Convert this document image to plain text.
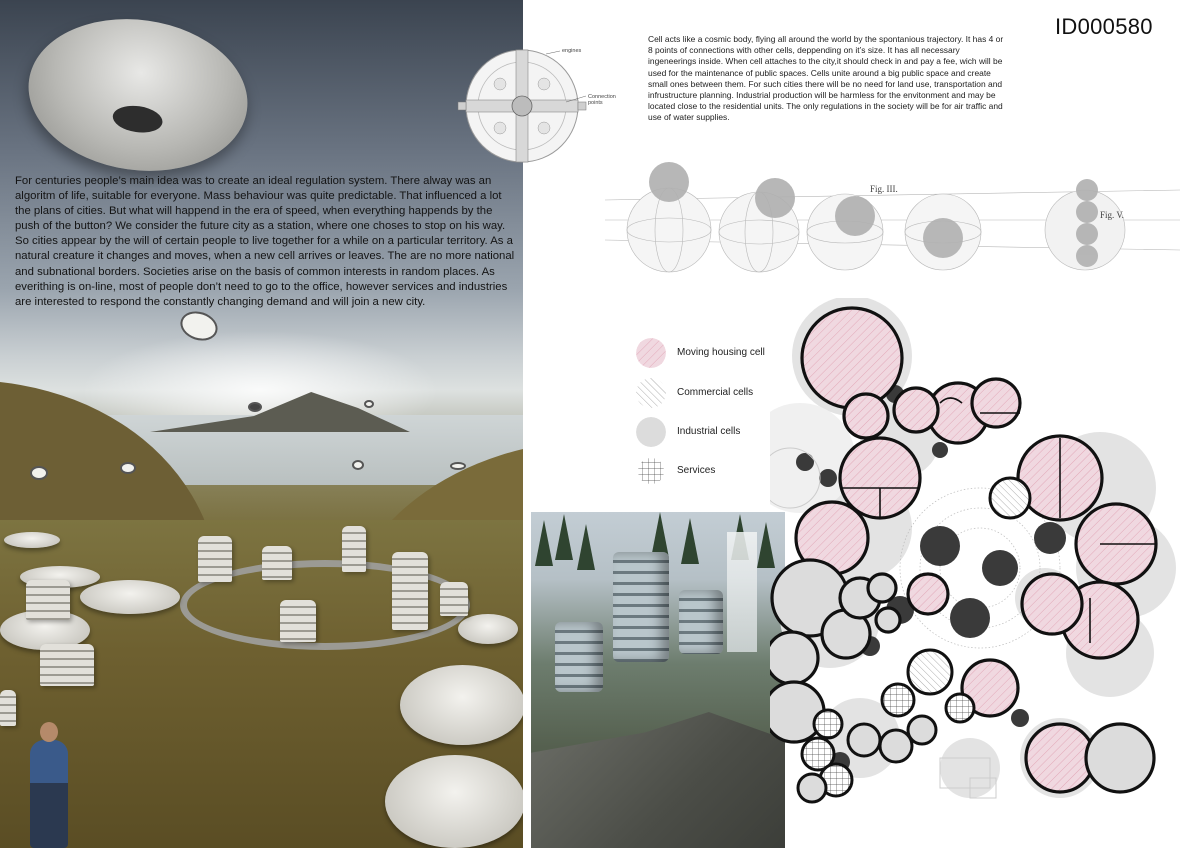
For centuries people’s main idea was to create an ideal regulation system. There alway was an algoritm of life, suitable for everyone. Mass behaviour was quite predictable. That influenced a lot the plans of cities. But what will happend in the era of speed, when everything happends by the push of the button? We consider the future city as a station, where one choses to stop on his way. So cities appear by the will of certain people to live together for a while on a particular territory. As a natural creature it changes and moves, when a new cell arrives or leaves. The are no more national and subnational borders. Societies arise on the basis of common interests in random places. As everithing is on-line, most of people don’t need to go to the office, however services and industries are interested to respond the constantly changing demand and will join a new city.
engines
Connection points
ID000580
Cell acts like a cosmic body, flying all around the world by the spontanious trajectory. It has 4 or 8 points of connections with other cells, deppending on it’s size. It has all necessary ingeneerings inside. When cell attaches to the city,it should check in and pay a fee, wich will be used for the maintenance of public spaces. Cells unite around a big public space and create small ones between them. For such cities there will be no need for land use, transportation and infrustructure planning. Industrial production will be harmless for the envitonment and may be located close to the residential units. The only regulations in the society will be for air traffic and use of water supplies.
Fig. III.
Fig. V.
Moving housing cell
Commercial cells
Industrial cells
Services
